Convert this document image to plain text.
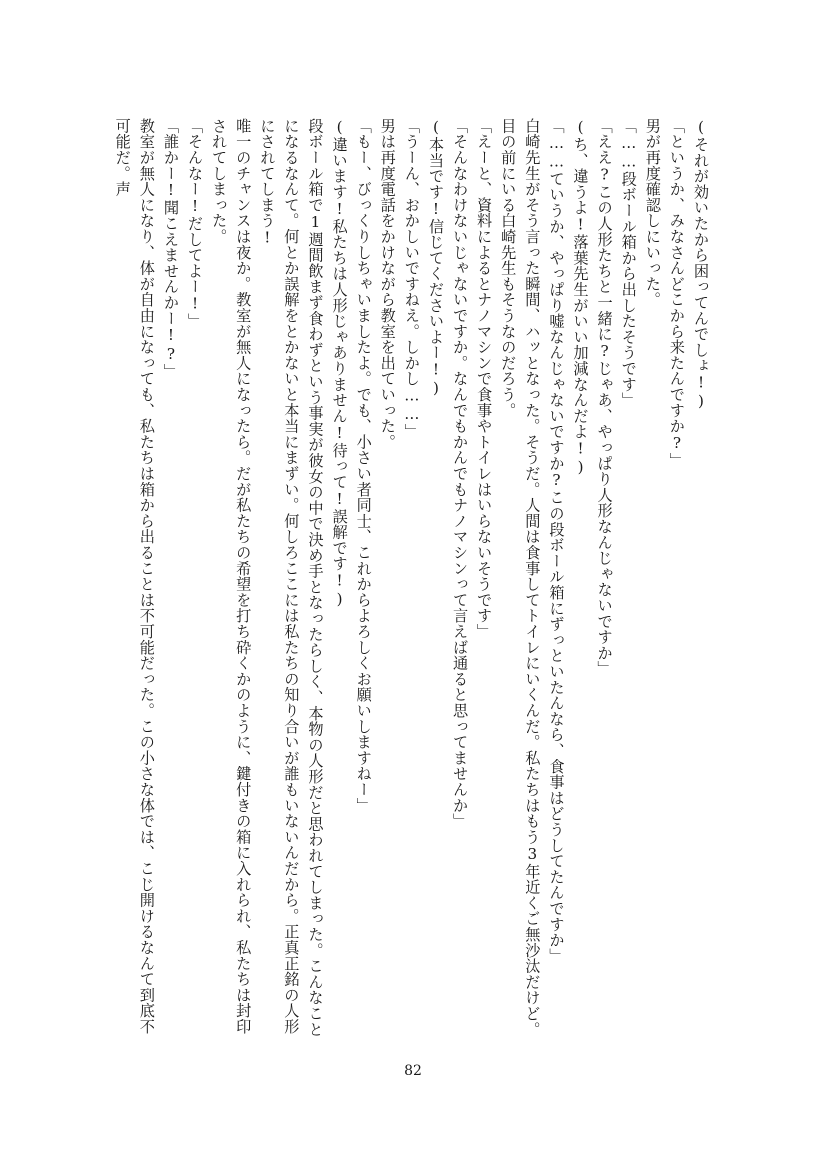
(それが効いたから困ってんでしょ!)

「というか、みなさんどこから来たんですか?」

男が再度確認しにいった。

「……段ボール箱から出したそうです」

「ええ?この人形たちと一緒に?じゃあ、やっぱり人形なんじゃないですか」

(ち、違うよ!落葉先生がいい加減なんだよ!)

「……ていうか、やっぱり嘘なんじゃないですか?この段ボール箱にずっといたんなら、食事はどうしてたんですか」

白崎先生がそう言った瞬間、ハッとなった。そうだ。人間は食事してトイレにいくんだ。私たちはもう3年近くご無沙汰だけど。目の前にいる白崎先生もそうなのだろう。

「えーと、資料によるとナノマシンで食事やトイレはいらないそうです」

「そんなわけないじゃないですか。なんでもかんでもナノマシンって言えば通ると思ってませんか」

(本当です!信じてくださいよー!)

「うーん、おかしいですねえ。しかし……」

男は再度電話をかけながら教室を出ていった。

「もー、びっくりしちゃいましたよ。でも、小さい者同士、これからよろしくお願いしますねー」

(違います!私たちは人形じゃありません!待って!誤解です!)

段ボール箱で1週間飲まず食わずという事実が彼女の中で決め手となったらしく、本物の人形だと思われてしまった。こんなことになるなんて。何とか誤解をとかないと本当にまずい。何しろここには私たちの知り合いが誰もいないんだから。正真正銘の人形にされてしまう!

唯一のチャンスは夜か。教室が無人になったら。だが私たちの希望を打ち砕くかのように、鍵付きの箱に入れられ、私たちは封印されてしまった。

「そんなー!だしてよー!」

「誰かー!聞こえませんかー!?」

教室が無人になり、体が自由になっても、私たちは箱から出ることは不可能だった。この小さな体では、こじ開けるなんて到底不可能だ。声

82
